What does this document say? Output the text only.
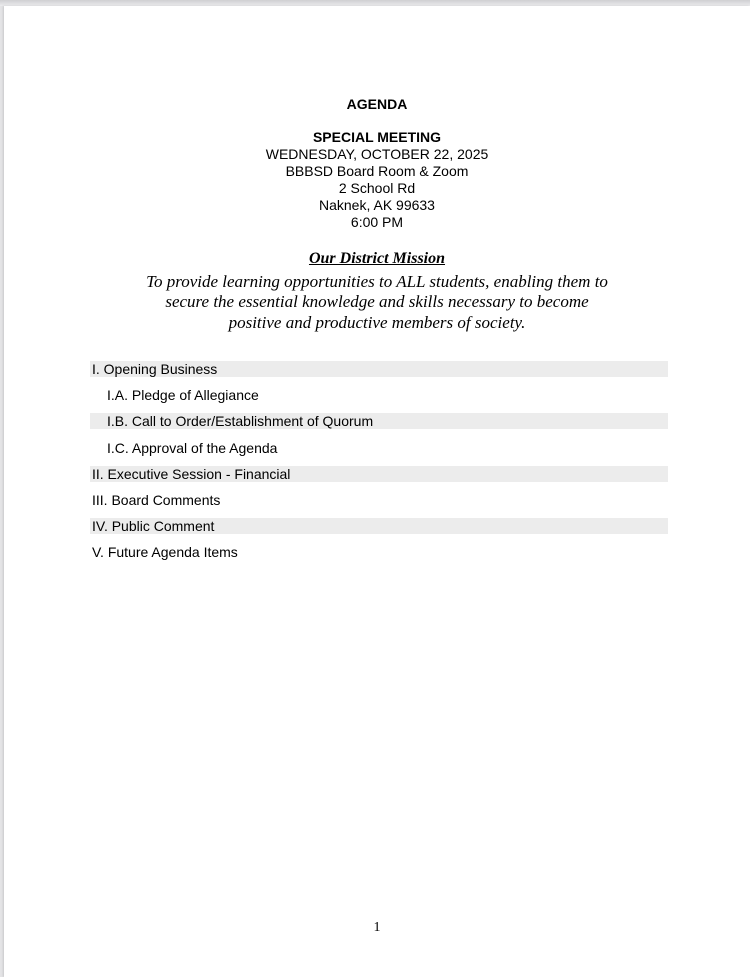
AGENDA
SPECIAL MEETING
WEDNESDAY, OCTOBER 22, 2025
BBBSD Board Room & Zoom
2 School Rd
Naknek, AK 99633
6:00 PM
Our District Mission
To provide learning opportunities to ALL students, enabling them to
secure the essential knowledge and skills necessary to become
positive and productive members of society.
I. Opening Business
I.A. Pledge of Allegiance
I.B. Call to Order/Establishment of Quorum
I.C. Approval of the Agenda
II. Executive Session - Financial
III. Board Comments
IV. Public Comment
V. Future Agenda Items
1
